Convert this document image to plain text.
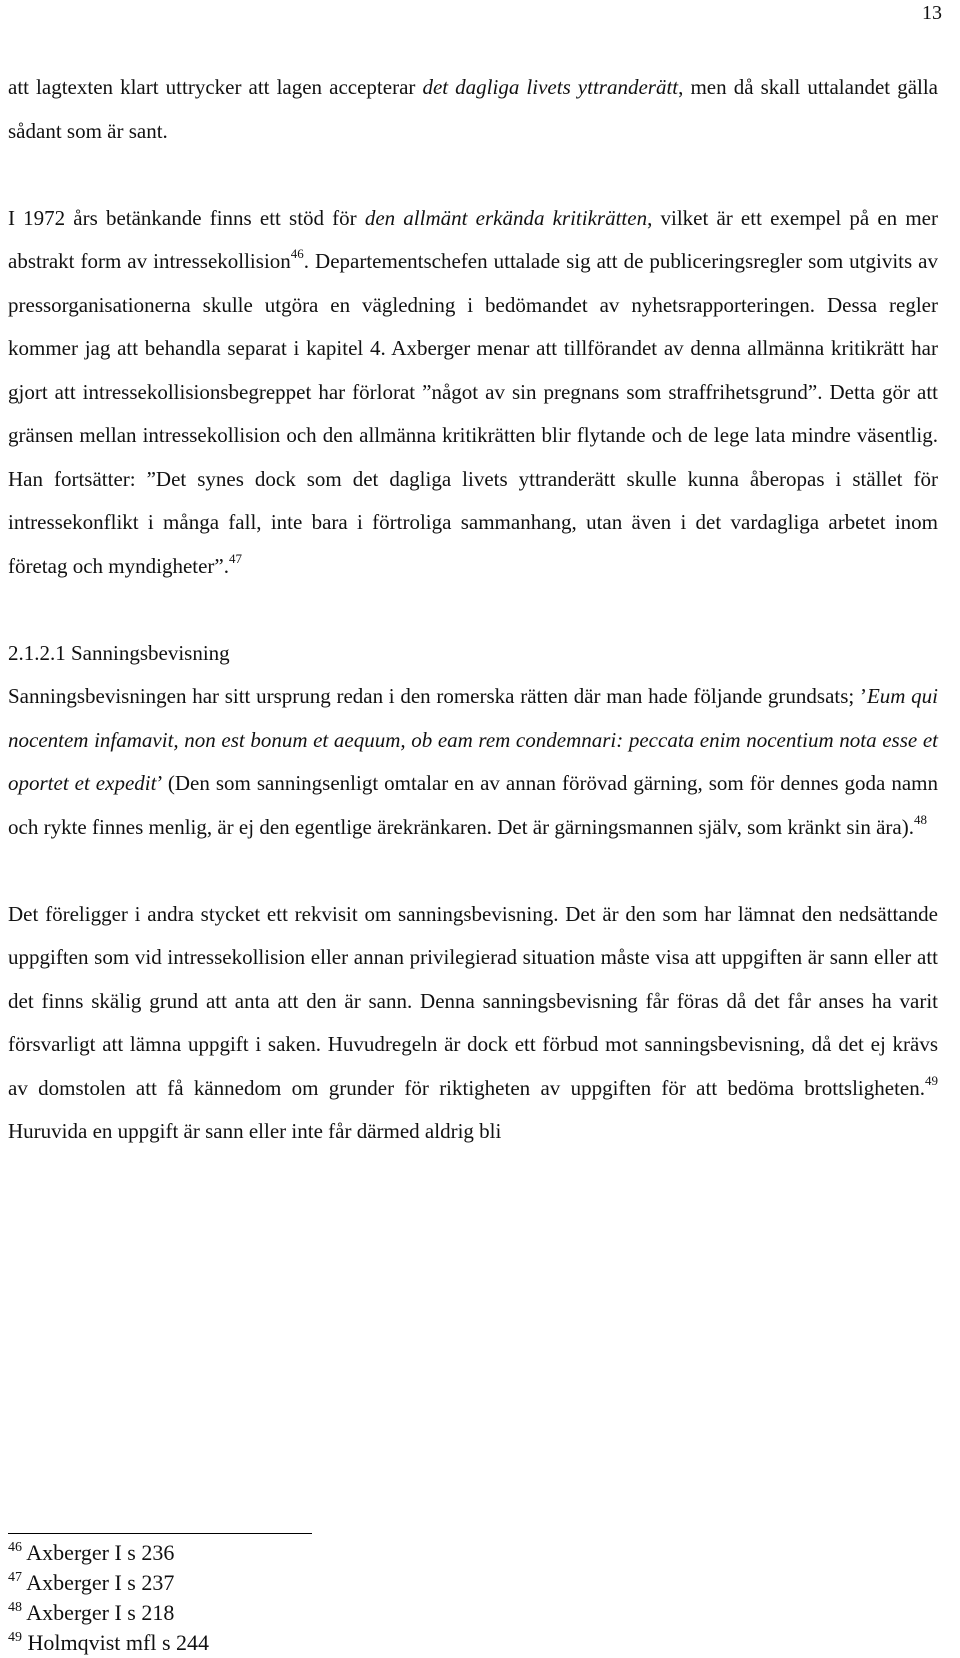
13

att lagtexten klart uttrycker att lagen accepterar det dagliga livets yttranderätt, men då skall uttalandet gälla sådant som är sant.

I 1972 års betänkande finns ett stöd för den allmänt erkända kritikrätten, vilket är ett exempel på en mer abstrakt form av intressekollision$^{46}$. Departementschefen uttalade sig att de publiceringsregler som utgivits av pressorganisationerna skulle utgöra en vägledning i bedömandet av nyhetsrapporteringen. Dessa regler kommer jag att behandla separat i kapitel 4. Axberger menar att tillförandet av denna allmänna kritikrätt har gjort att intressekollisionsbegreppet har förlorat ”något av sin pregnans som straffrihetsgrund”. Detta gör att gränsen mellan intressekollision och den allmänna kritikrätten blir flytande och de lege lata mindre väsentlig. Han fortsätter: ”Det synes dock som det dagliga livets yttranderätt skulle kunna åberopas i stället för intressekonflikt i många fall, inte bara i förtroliga sammanhang, utan även i det vardagliga arbetet inom företag och myndigheter”.$^{47}$

2.1.2.1 Sanningsbevisning

Sanningsbevisningen har sitt ursprung redan i den romerska rätten där man hade följande grundsats; ’Eum qui nocentem infamavit, non est bonum et aequum, ob eam rem condemnari: peccata enim nocentium nota esse et oportet et expedit’ (Den som sanningsenligt omtalar en av annan förövad gärning, som för dennes goda namn och rykte finnes menlig, är ej den egentlige ärekränkaren. Det är gärningsmannen själv, som kränkt sin ära).$^{48}$

Det föreligger i andra stycket ett rekvisit om sanningsbevisning. Det är den som har lämnat den nedsättande uppgiften som vid intressekollision eller annan privilegierad situation måste visa att uppgiften är sann eller att det finns skälig grund att anta att den är sann. Denna sanningsbevisning får föras då det får anses ha varit försvarligt att lämna uppgift i saken. Huvudregeln är dock ett förbud mot sanningsbevisning, då det ej krävs av domstolen att få kännedom om grunder för riktigheten av uppgiften för att bedöma brottsligheten.$^{49}$ Huruvida en uppgift är sann eller inte får därmed aldrig bli

$^{46}$ Axberger I s 236
$^{47}$ Axberger I s 237
$^{48}$ Axberger I s 218
$^{49}$ Holmqvist mfl s 244
